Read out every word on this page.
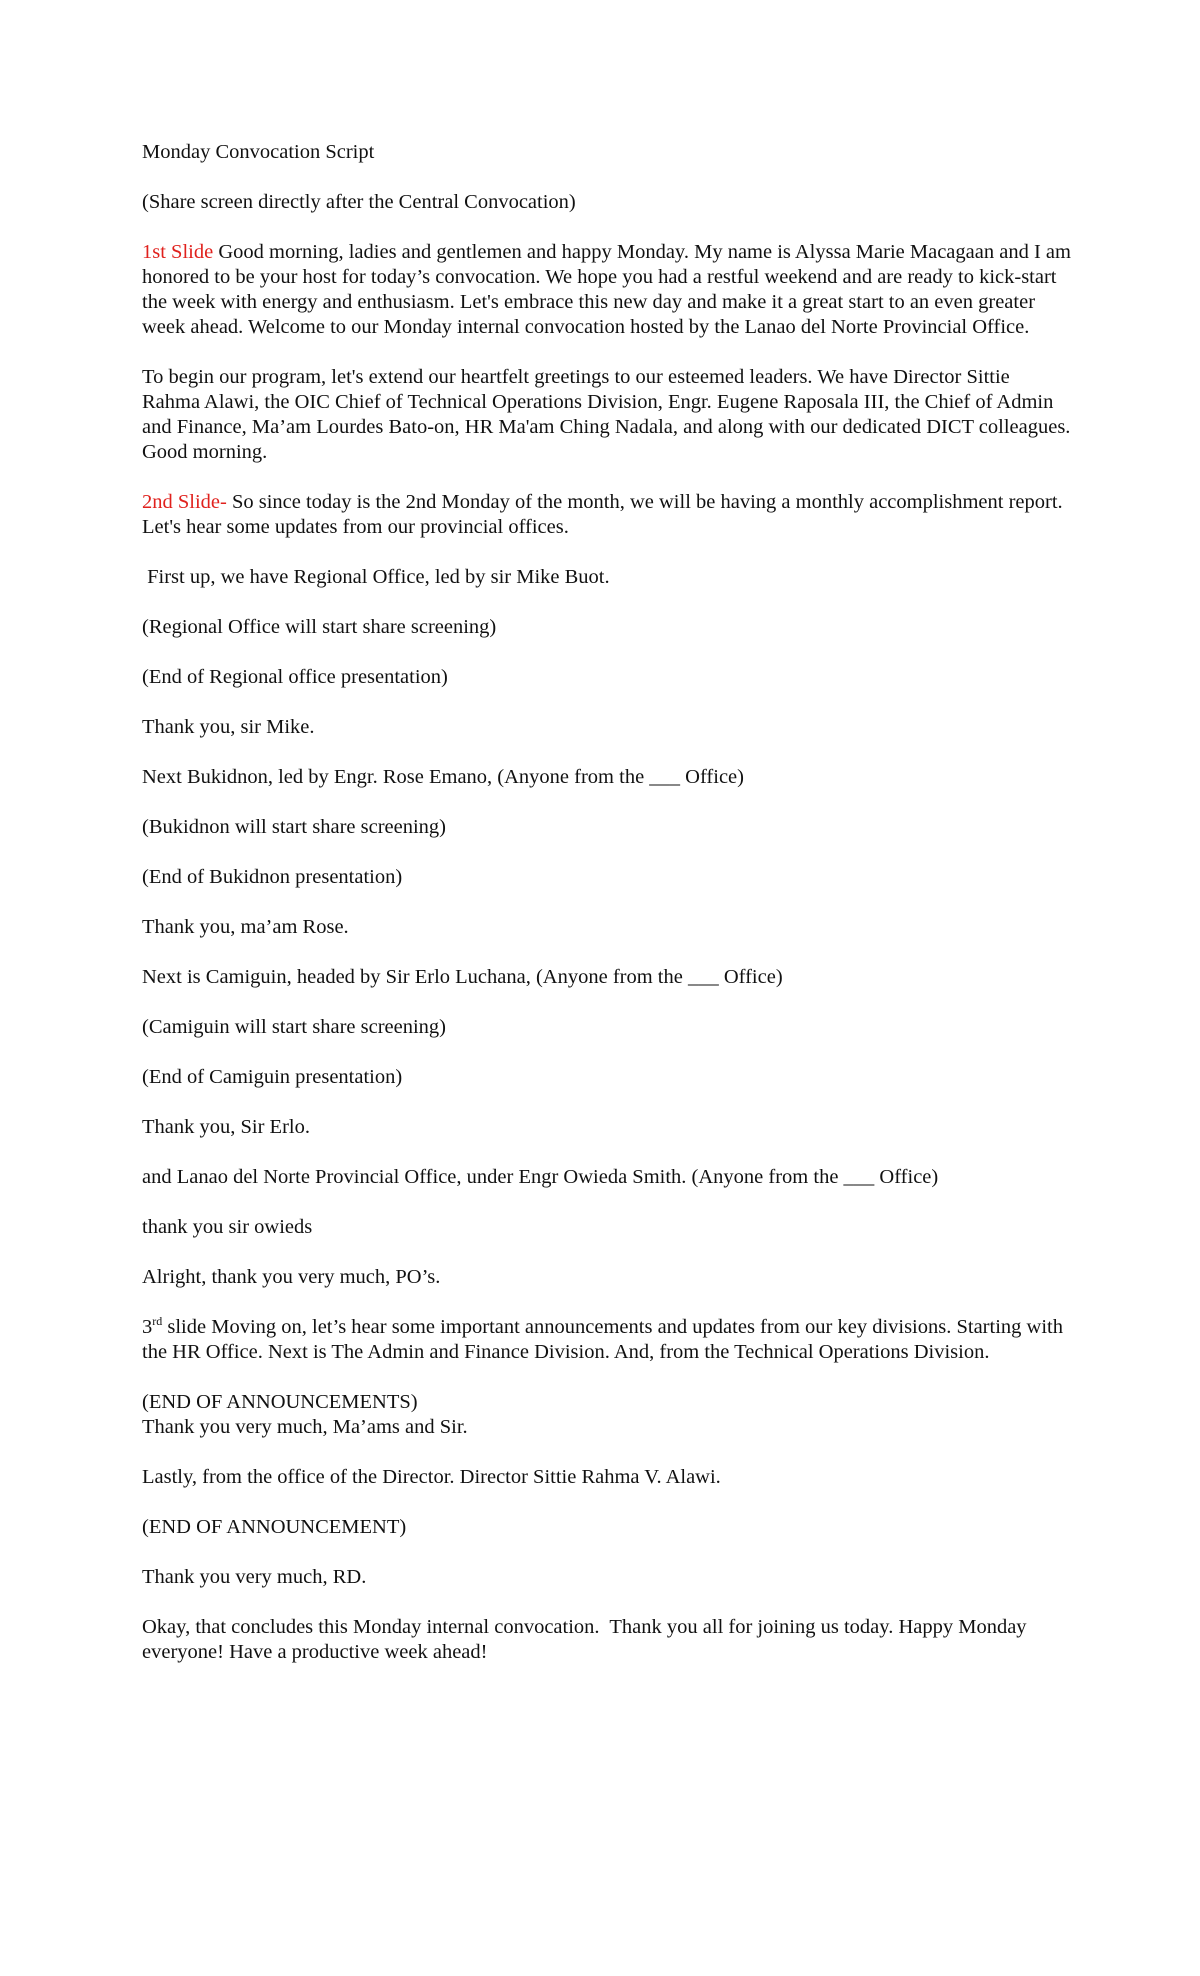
Monday Convocation Script

(Share screen directly after the Central Convocation)

1st Slide Good morning, ladies and gentlemen and happy Monday. My name is Alyssa Marie Macagaan and I am honored to be your host for today’s convocation. We hope you had a restful weekend and are ready to kick-start the week with energy and enthusiasm. Let's embrace this new day and make it a great start to an even greater week ahead. Welcome to our Monday internal convocation hosted by the Lanao del Norte Provincial Office.

To begin our program, let's extend our heartfelt greetings to our esteemed leaders. We have Director Sittie Rahma Alawi, the OIC Chief of Technical Operations Division, Engr. Eugene Raposala III, the Chief of Admin and Finance, Ma’am Lourdes Bato-on, HR Ma'am Ching Nadala, and along with our dedicated DICT colleagues. Good morning.

2nd Slide- So since today is the 2nd Monday of the month, we will be having a monthly accomplishment report. Let's hear some updates from our provincial offices.

First up, we have Regional Office, led by sir Mike Buot.

(Regional Office will start share screening)

(End of Regional office presentation)

Thank you, sir Mike.

Next Bukidnon, led by Engr. Rose Emano, (Anyone from the ___ Office)

(Bukidnon will start share screening)

(End of Bukidnon presentation)

Thank you, ma’am Rose.

Next is Camiguin, headed by Sir Erlo Luchana, (Anyone from the ___ Office)

(Camiguin will start share screening)

(End of Camiguin presentation)

Thank you, Sir Erlo.

and Lanao del Norte Provincial Office, under Engr Owieda Smith. (Anyone from the ___ Office)

thank you sir owieds

Alright, thank you very much, PO’s.

3rd slide Moving on, let’s hear some important announcements and updates from our key divisions. Starting with the HR Office. Next is The Admin and Finance Division. And, from the Technical Operations Division.

(END OF ANNOUNCEMENTS)

Thank you very much, Ma’ams and Sir.

Lastly, from the office of the Director. Director Sittie Rahma V. Alawi.

(END OF ANNOUNCEMENT)

Thank you very much, RD.

Okay, that concludes this Monday internal convocation.  Thank you all for joining us today. Happy Monday everyone! Have a productive week ahead!
